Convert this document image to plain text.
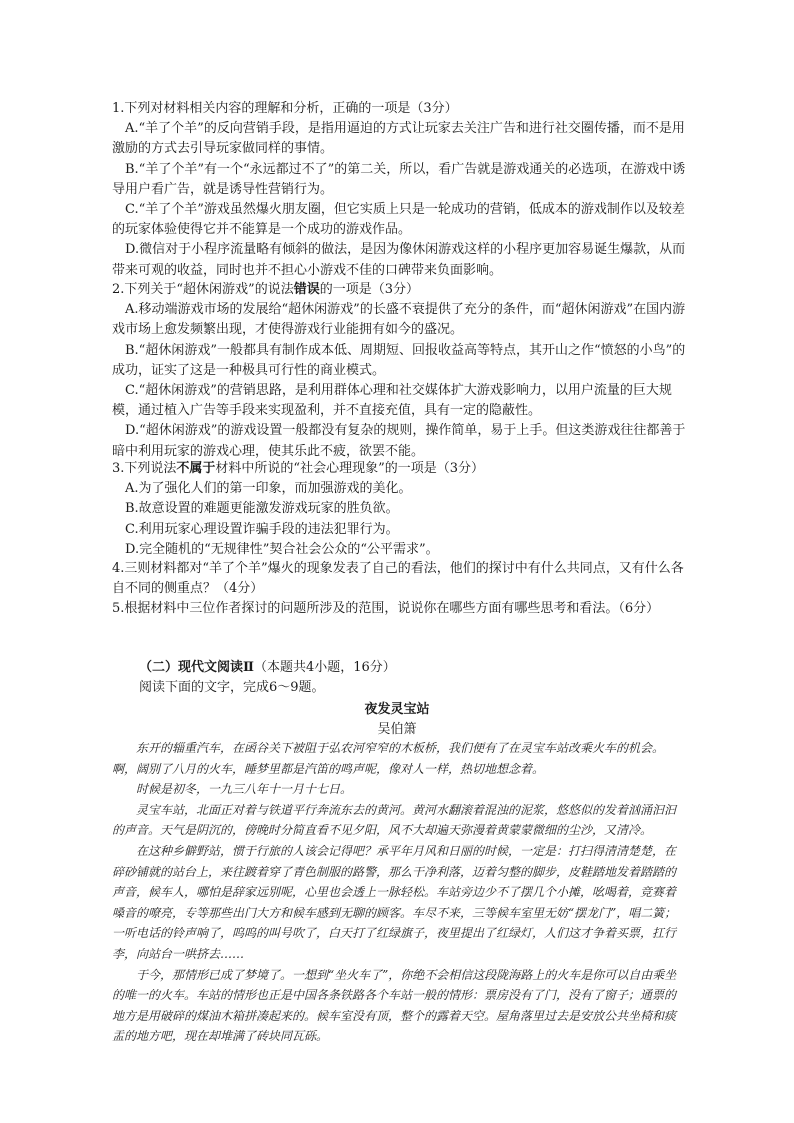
1.下列对材料相关内容的理解和分析，正确的一项是（3分）

A.“羊了个羊”的反向营销手段，是指用逼迫的方式让玩家去关注广告和进行社交圈传播，而不是用激励的方式去引导玩家做同样的事情。

B.“羊了个羊”有一个“永远都过不了”的第二关，所以，看广告就是游戏通关的必选项，在游戏中诱导用户看广告，就是诱导性营销行为。

C.“羊了个羊”游戏虽然爆火朋友圈，但它实质上只是一轮成功的营销，低成本的游戏制作以及较差的玩家体验使得它并不能算是一个成功的游戏作品。

D.微信对于小程序流量略有倾斜的做法，是因为像休闲游戏这样的小程序更加容易诞生爆款，从而带来可观的收益，同时也并不担心小游戏不佳的口碑带来负面影响。

2.下列关于“超休闲游戏”的说法错误的一项是（3分）

A.移动端游戏市场的发展给“超休闲游戏”的长盛不衰提供了充分的条件，而“超休闲游戏”在国内游戏市场上愈发频繁出现，才使得游戏行业能拥有如今的盛况。

B.“超休闲游戏”一般都具有制作成本低、周期短、回报收益高等特点，其开山之作“愤怒的小鸟”的成功，证实了这是一种极具可行性的商业模式。

C.“超休闲游戏”的营销思路，是利用群体心理和社交媒体扩大游戏影响力，以用户流量的巨大规模，通过植入广告等手段来实现盈利，并不直接充值，具有一定的隐蔽性。

D.“超休闲游戏”的游戏设置一般都没有复杂的规则，操作简单，易于上手。但这类游戏往往都善于暗中利用玩家的游戏心理，使其乐此不疲，欲罢不能。

3.下列说法不属于材料中所说的“社会心理现象”的一项是（3分）

A.为了强化人们的第一印象，而加强游戏的美化。

B.故意设置的难题更能激发游戏玩家的胜负欲。

C.利用玩家心理设置诈骗手段的违法犯罪行为。

D.完全随机的“无规律性”契合社会公众的“公平需求”。

4.三则材料都对“羊了个羊”爆火的现象发表了自己的看法，他们的探讨中有什么共同点，又有什么各自不同的侧重点？（4分）

5.根据材料中三位作者探讨的问题所涉及的范围，说说你在哪些方面有哪些思考和看法。（6分）

（二）现代文阅读Ⅱ（本题共4小题，16分）
阅读下面的文字，完成6～9题。
夜发灵宝站
吴伯箫

东开的辎重汽车，在函谷关下被阻于弘农河窄窄的木板桥，我们便有了在灵宝车站改乘火车的机会。啊，阔别了八月的火车，睡梦里都是汽笛的鸣声呢，像对人一样，热切地想念着。

时候是初冬，一九三八年十一月十七日。

灵宝车站，北面正对着与铁道平行奔流东去的黄河。黄河水翻滚着混浊的泥浆，悠悠似的发着汹涌汩汩的声音。天气是阴沉的，傍晚时分简直看不见夕阳，风不大却遍天弥漫着黄蒙蒙微细的尘沙，又清冷。

在这种乡僻野站，惯于行旅的人该会记得吧？承平年月风和日丽的时候，一定是：打扫得清清楚楚，在碎砂铺就的站台上，来往踱着穿了青色制服的路警，那么干净利落，迈着匀整的脚步，皮鞋踏地发着踏踏的声音，候车人，哪怕是辞家远别呢，心里也会透上一脉轻松。车站旁边少不了摆几个小摊，吆喝着，竞赛着嗓音的嘹亮，专等那些出门大方和候车感到无聊的顾客。车尽不来，三等候车室里无妨“摆龙门”，唱二簧；一听电话的铃声响了，呜呜的叫号吹了，白天打了红绿旗子，夜里提出了红绿灯，人们这才争着买票，扛行李，向站台一哄挤去……

于今，那情形已成了梦境了。一想到“坐火车了”，你绝不会相信这段陇海路上的火车是你可以自由乘坐的唯一的火车。车站的情形也正是中国各条铁路各个车站一般的情形：票房没有了门，没有了窗子；通票的地方是用破碎的煤油木箱拼凑起来的。候车室没有顶，整个的露着天空。屋角落里过去是安放公共坐椅和痰盂的地方吧，现在却堆满了砖块同瓦砾。
